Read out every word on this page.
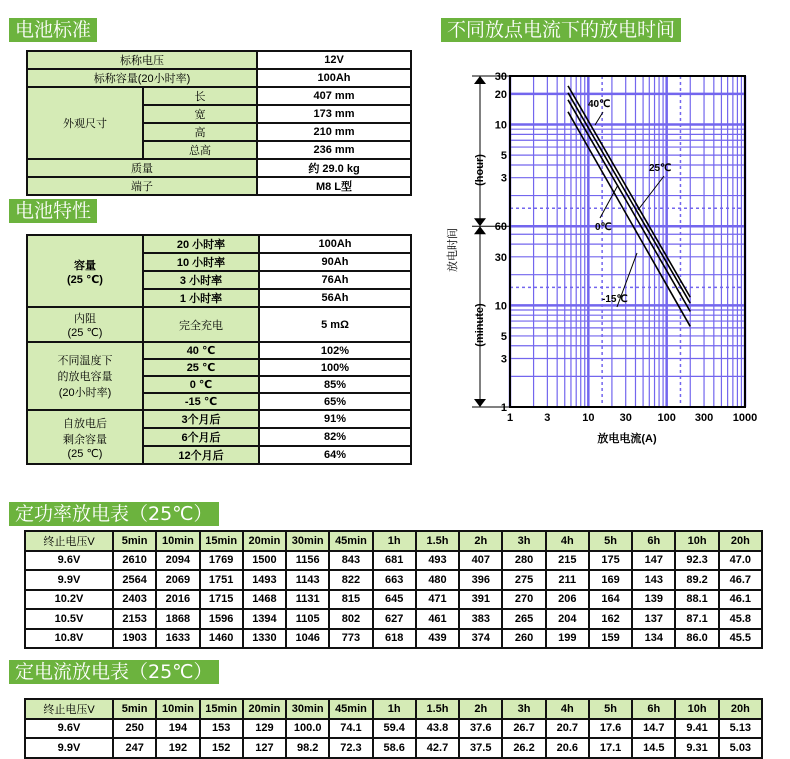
电池标准
标称电压		12V
标称容量(20小时率)		100Ah
外观尺寸	长	407 mm
	宽	173 mm
	高	210 mm
	总高	236 mm
质量		约 29.0 kg
端子		M8 L型
电池特性
容量
(25 ℃)	20 小时率	100Ah
	10 小时率	90Ah
	3 小时率	76Ah
	1 小时率	56Ah
内阻
(25 ℃)	完全充电	5 mΩ
不同温度下
的放电容量
(20小时率)	40 ℃	102%
	25 ℃	100%
	0 ℃	85%
	-15 ℃	65%
自放电后
剩余容量
(25 ℃)	3个月后	91%
	6个月后	82%
	12个月后	64%
不同放点电流下的放电时间
40℃
25℃
0℃
-15℃
1	3	10 30 100 300 1000
1
3
5
10
30
60
3
5
10
20
30
放电时间
(hour)
(minute)
放电电流(A)
定功率放电表（25℃）
终止电压V	5min	10min	15min	20min	30min	45min	1h	1.5h	2h	3h	4h	5h	6h	10h	20h
9.6V	2610	2094	1769	1500	1156	843	681	493	407	280	215	175	147	92.3	47.0
9.9V	2564	2069	1751	1493	1143	822	663	480	396	275	211	169	143	89.2	46.7
10.2V	2403	2016	1715	1468	1131	815	645	471	391	270	206	164	139	88.1	46.1
10.5V	2153	1868	1596	1394	1105	802	627	461	383	265	204	162	137	87.1	45.8
10.8V	1903	1633	1460	1330	1046	773	618	439	374	260	199	159	134	86.0	45.5
定电流放电表（25℃）
终止电压V	5min	10min	15min	20min	30min	45min	1h	1.5h	2h	3h	4h	5h	6h	10h	20h
9.6V	250	194	153	129	100.0	74.1	59.4	43.8	37.6	26.7	20.7	17.6	14.7	9.41	5.13
9.9V	247	192	152	127	98.2	72.3	58.6	42.7	37.5	26.2	20.6	17.1	14.5	9.31	5.03
